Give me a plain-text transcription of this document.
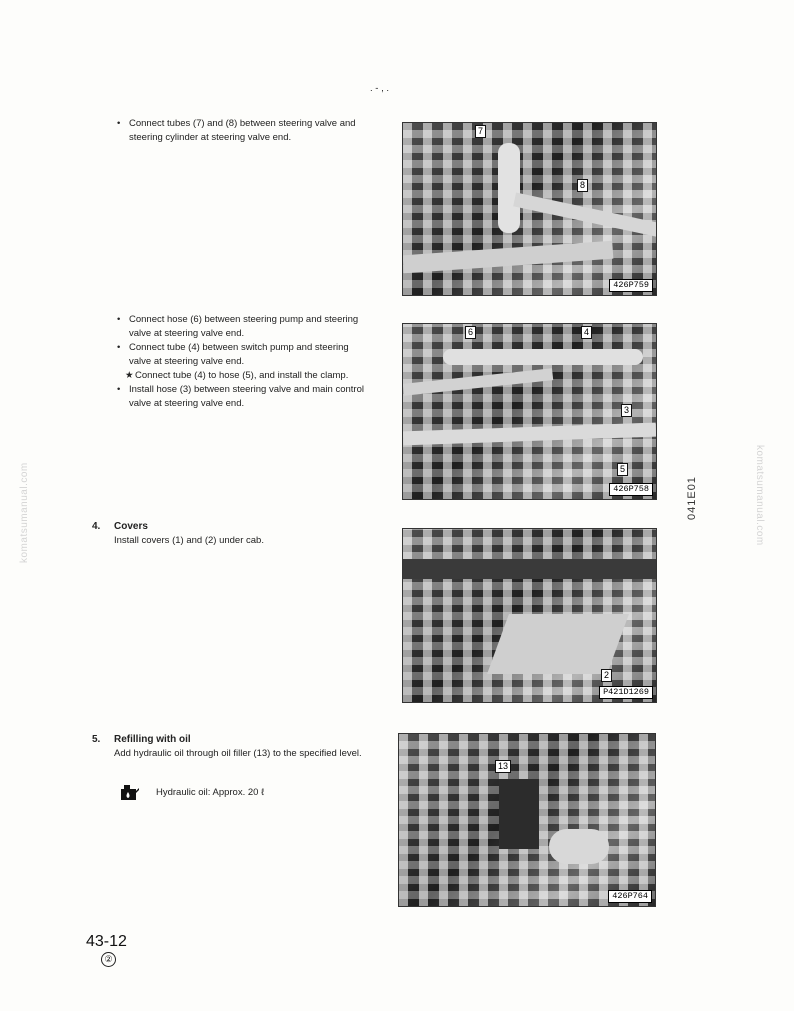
. - , .
• Connect tubes (7) and (8) between steering valve and steering cylinder at steering valve end.
7
8
426P759
• Connect hose (6) between steering pump and steering valve at steering valve end.
• Connect tube (4) between switch pump and steering valve at steering valve end.
★ Connect tube (4) to hose (5), and install the clamp.
• Install hose (3) between steering valve and main control valve at steering valve end.
6	4
3
5
426P758
4. Covers
Install covers (1) and (2) under cab.
2
P421D1269
5. Refilling with oil
Add hydraulic oil through oil filler (13) to the specified level.
Hydraulic oil: Approx. 20 ℓ
13
426P764
041E01
komatsumanual.com	komatsumanual.com
43-12
②
